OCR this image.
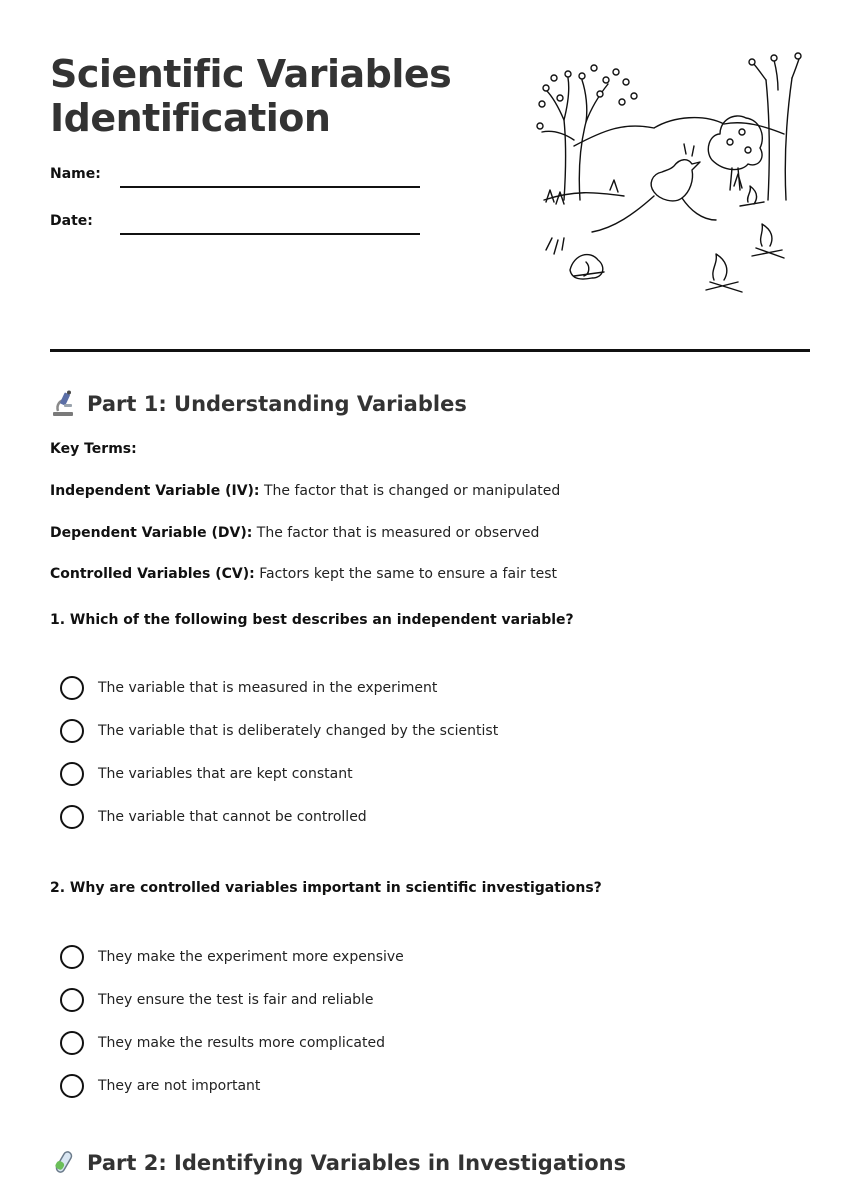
Scientific Variables Identification
Name:
Date:
Part 1: Understanding Variables
Key Terms:
Independent Variable (IV): The factor that is changed or manipulated
Dependent Variable (DV): The factor that is measured or observed
Controlled Variables (CV): Factors kept the same to ensure a fair test
1. Which of the following best describes an independent variable?
The variable that is measured in the experiment
The variable that is deliberately changed by the scientist
The variables that are kept constant
The variable that cannot be controlled
2. Why are controlled variables important in scientific investigations?
They make the experiment more expensive
They ensure the test is fair and reliable
They make the results more complicated
They are not important
Part 2: Identifying Variables in Investigations
